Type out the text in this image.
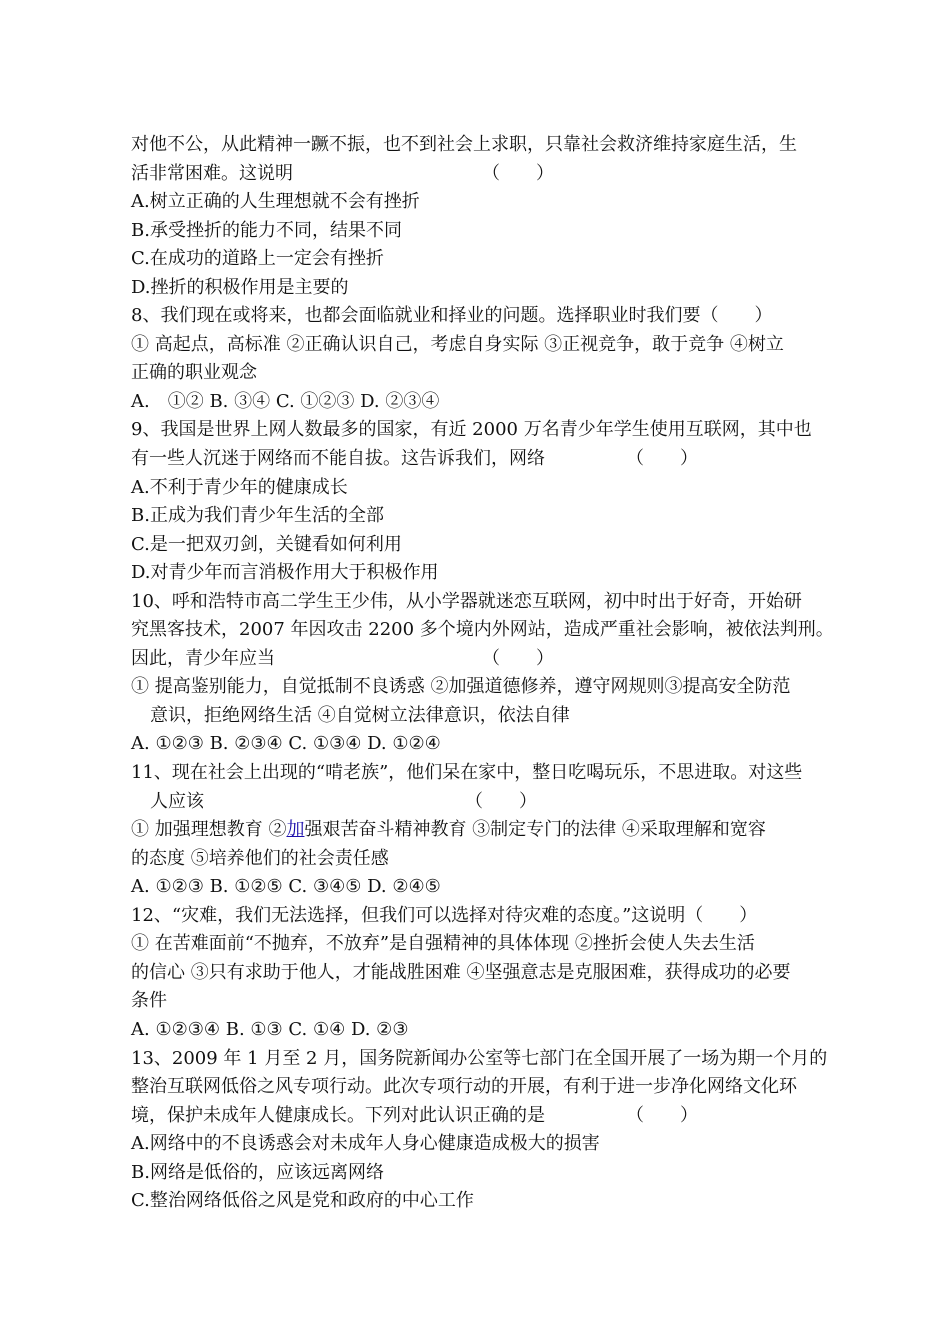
对他不公，从此精神一蹶不振，也不到社会上求职，只靠社会救济维持家庭生活，生
活非常困难。这说明　　　　　　　　　　　（　　）
A.树立正确的人生理想就不会有挫折
B.承受挫折的能力不同，结果不同
C.在成功的道路上一定会有挫折
D.挫折的积极作用是主要的
8、我们现在或将来，也都会面临就业和择业的问题。选择职业时我们要（　　）
① 高起点，高标准 ②正确认识自己，考虑自身实际 ③正视竞争，敢于竞争 ④树立
正确的职业观念
A.　①② B. ③④ C. ①②③ D. ②③④
9、我国是世界上网人数最多的国家，有近 2000 万名青少年学生使用互联网，其中也
有一些人沉迷于网络而不能自拔。这告诉我们，网络　　　　　（　　）
A.不利于青少年的健康成长
B.正成为我们青少年生活的全部
C.是一把双刃剑，关键看如何利用
D.对青少年而言消极作用大于积极作用
10、呼和浩特市高二学生王少伟，从小学器就迷恋互联网，初中时出于好奇，开始研
究黑客技术，2007 年因攻击 2200 多个境内外网站，造成严重社会影响，被依法判刑。
因此，青少年应当　　　　　　　　　　　　（　　）
① 提高鉴别能力，自觉抵制不良诱惑 ②加强道德修养，遵守网规则③提高安全防范
意识，拒绝网络生活 ④自觉树立法律意识，依法自律
A. ①②③ B. ②③④ C. ①③④ D. ①②④
11、现在社会上出现的“啃老族”，他们呆在家中，整日吃喝玩乐，不思进取。对这些
人应该　　　　　　　　　　　　　　　（　　）
① 加强理想教育 ②加强艰苦奋斗精神教育 ③制定专门的法律 ④采取理解和宽容
的态度 ⑤培养他们的社会责任感
A. ①②③ B. ①②⑤ C. ③④⑤ D. ②④⑤
12、“灾难，我们无法选择，但我们可以选择对待灾难的态度。”这说明（　　）
① 在苦难面前“不抛弃，不放弃”是自强精神的具体体现 ②挫折会使人失去生活
的信心 ③只有求助于他人，才能战胜困难 ④坚强意志是克服困难，获得成功的必要
条件
A. ①②③④ B. ①③ C. ①④ D. ②③
13、2009 年 1 月至 2 月，国务院新闻办公室等七部门在全国开展了一场为期一个月的
整治互联网低俗之风专项行动。此次专项行动的开展，有利于进一步净化网络文化环
境，保护未成年人健康成长。下列对此认识正确的是　　　　　（　　）
A.网络中的不良诱惑会对未成年人身心健康造成极大的损害
B.网络是低俗的，应该远离网络
C.整治网络低俗之风是党和政府的中心工作
